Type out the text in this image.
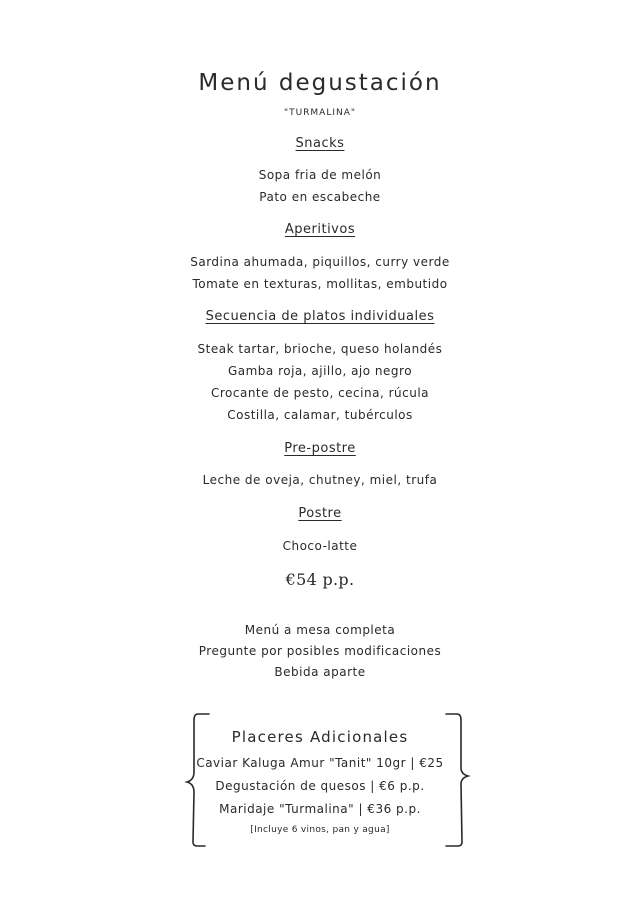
Menú degustación
"TURMALINA"
Snacks
Sopa fria de melón
Pato en escabeche
Aperitivos
Sardina ahumada, piquillos, curry verde
Tomate en texturas, mollitas, embutido
Secuencia de platos individuales
Steak tartar, brioche, queso holandés
Gamba roja, ajillo, ajo negro
Crocante de pesto, cecina, rúcula
Costilla, calamar, tubérculos
Pre-postre
Leche de oveja, chutney, miel, trufa
Postre
Choco-latte
€54 p.p.
Menú a mesa completa
Pregunte por posibles modificaciones
Bebida aparte
Placeres Adicionales
Caviar Kaluga Amur "Tanit" 10gr | €25
Degustación de quesos | €6 p.p.
Maridaje "Turmalina" | €36 p.p.
[Incluye 6 vinos, pan y agua]
